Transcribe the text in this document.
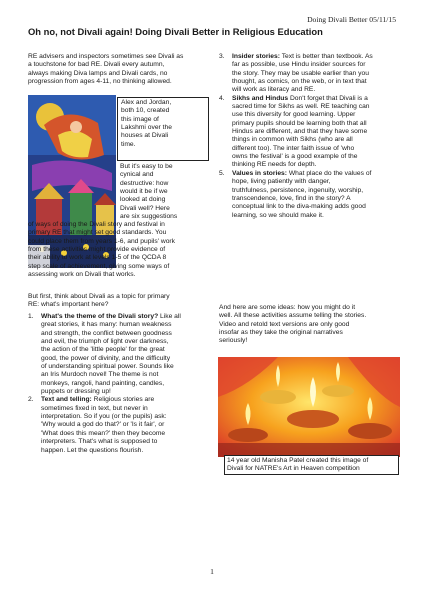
Doing Divali Better 05/11/15
Oh no, not Divali again! Doing Divali Better in Religious Education
Alex and Jordan,
both 10, created
this image of
Lakshmi over the
houses at Divali
time.
RE advisers and inspectors sometimes see Divali as
a touchstone for bad RE. Divali every autumn,
always making Diva lamps and Divali cards, no
progression from ages 4-11, no thinking allowed.
But it's easy to be
cynical and
destructive: how
would it be if we
looked at doing
Divali well? Here
are six suggestions
of ways of doing the Divali story and festival in
primary RE that might set good standards. You
could place them from years 1-6, and pupils' work
from these activities might provide evidence of
their ability to work at levels 1-5 of the QCDA 8
step scale of achievement, giving some ways of
assessing work on Divali that works.
But first, think about Divali as a topic for primary
RE: what's important here?
1. What's the theme of the Divali story? Like all
great stories, it has many: human weakness
and strength, the conflict between goodness
and evil, the triumph of light over darkness,
the action of the 'little people' for the great
good, the power of divinity, and the difficulty
of understanding spiritual power. Sounds like
an Iris Murdoch novel! The theme is not
monkeys, rangoli, hand painting, candles,
puppets or dressing up!
2. Text and telling: Religious stories are
sometimes fixed in text, but never in
interpretation. So if you (or the pupils) ask:
'Why would a god do that?' or 'Is it fair', or
'What does this mean?' then they become
interpreters. That's what is supposed to
happen. Let the questions flourish.
3. Insider stories: Text is better than textbook. As
far as possible, use Hindu insider sources for
the story. They may be usable earlier than you
thought, as comics, on the web, or in text that
will work as literacy and RE.
4. Sikhs and Hindus Don't forget that Divali is a
sacred time for Sikhs as well. RE teaching can
use this diversity for good learning. Upper
primary pupils should be learning both that all
Hindus are different, and that they have some
things in common with Sikhs (who are all
different too). The inter faith issue of 'who
owns the festival' is a good example of the
thinking RE needs for depth.
5. Values in stories: What place do the values of
hope, living patiently with danger,
truthfulness, persistence, ingenuity, worship,
transcendence, love, find in the story? A
conceptual link to the diva-making adds good
learning, so we should make it.
And here are some ideas: how you might do it
well. All these activities assume telling the stories.
Video and retold text versions are only good
insofar as they take the original narratives
seriously!
14 year old Manisha Patel created this image of
Divali for NATRE's Art in Heaven competition
1
